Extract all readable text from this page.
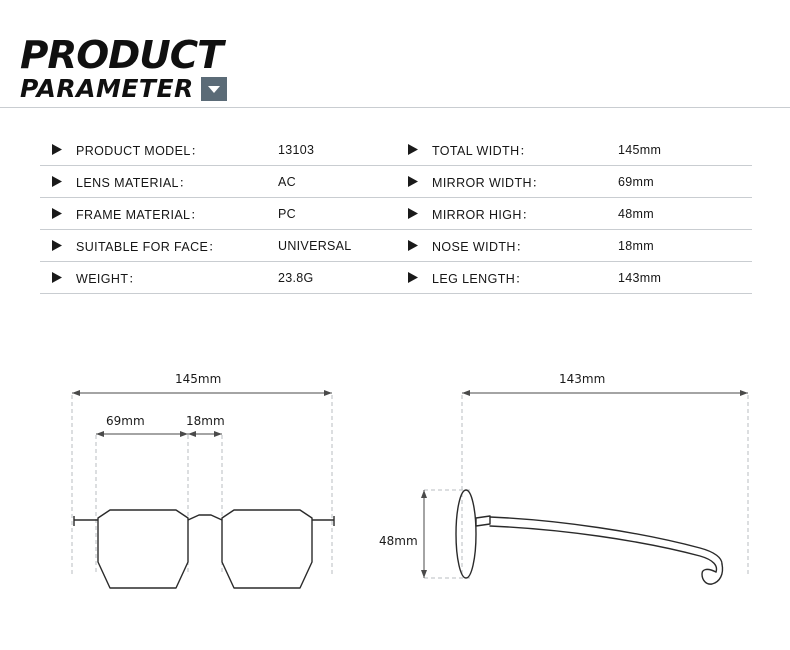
PRODUCT
PARAMETER
PRODUCT MODEL：	13103
LENS MATERIAL：	AC
FRAME MATERIAL：	PC
SUITABLE FOR FACE：	UNIVERSAL
WEIGHT：	23.8G
TOTAL WIDTH：	145mm
MIRROR WIDTH：	69mm
MIRROR HIGH：	48mm
NOSE WIDTH：	18mm
LEG LENGTH：	143mm
145mm
69mm	18mm
143mm
48mm
